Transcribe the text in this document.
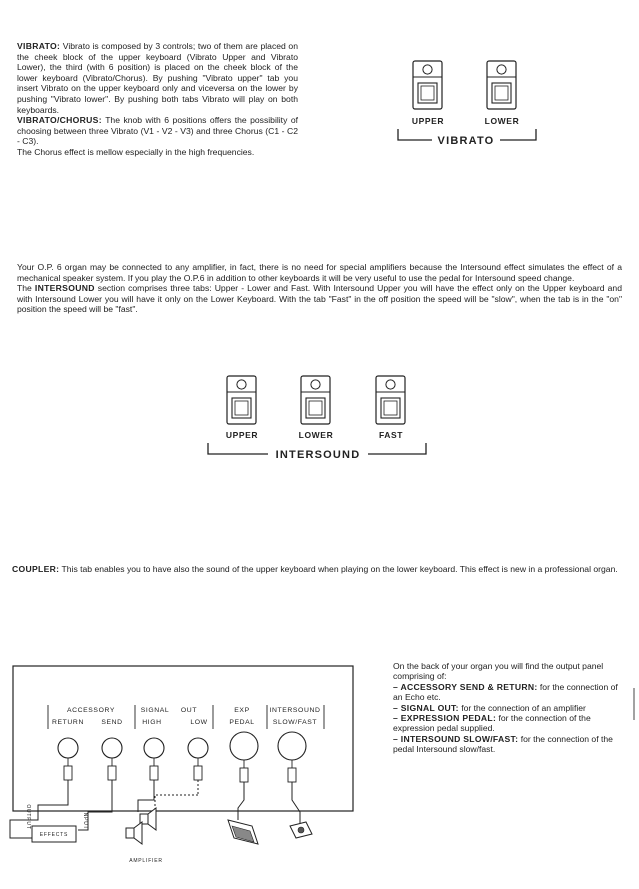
VIBRATO: Vibrato is composed by 3 controls; two of them are placed on the cheek block of the upper keyboard (Vibrato Upper and Vibrato Lower), the third (with 6 position) is placed on the cheek block of the lower keyboard (Vibrato/Chorus). By pushing "Vibrato upper" tab you insert Vibrato on the upper keyboard only and viceversa on the lower by pushing "Vibrato lower". By pushing both tabs Vibrato will play on both keyboards.
VIBRATO/CHORUS: The knob with 6 positions offers the possibility of choosing between three Vibrato (V1 - V2 - V3) and three Chorus (C1 - C2 - C3).
The Chorus effect is mellow especially in the high frequencies.
Your O.P. 6 organ may be connected to any amplifier, in fact, there is no need for special amplifiers because the Intersound effect simulates the effect of a mechanical speaker system. If you play the O.P.6 in addition to other keyboards it will be very useful to use the pedal for Intersound speed change.
The INTERSOUND section comprises three tabs: Upper - Lower and Fast. With Intersound Upper you will have the effect only on the Upper keyboard and with Intersound Lower you will have it only on the Lower Keyboard. With the tab "Fast" in the off position the speed will be "slow", when the tab is in the "on" position the speed will be "fast".
COUPLER: This tab enables you to have also the sound of the upper keyboard when playing on the lower keyboard. This effect is new in a professional organ.
On the back of your organ you will find the output panel comprising of:
– ACCESSORY SEND & RETURN: for the connection of an Echo etc.
– SIGNAL OUT: for the connection of an amplifier
– EXPRESSION PEDAL: for the connection of the expression pedal supplied.
– INTERSOUND SLOW/FAST: for the connection of the pedal Intersound slow/fast.
UPPER	LOWER
VIBRATO
UPPER	LOWER	FAST
INTERSOUND
ACCESSORY
RETURN	SEND
SIGNAL OUT
HIGH	LOW
EXP
PEDAL
INTERSOUND
SLOW/FAST
EFFECTS
OUTPUT	INPUT
AMPLIFIER
